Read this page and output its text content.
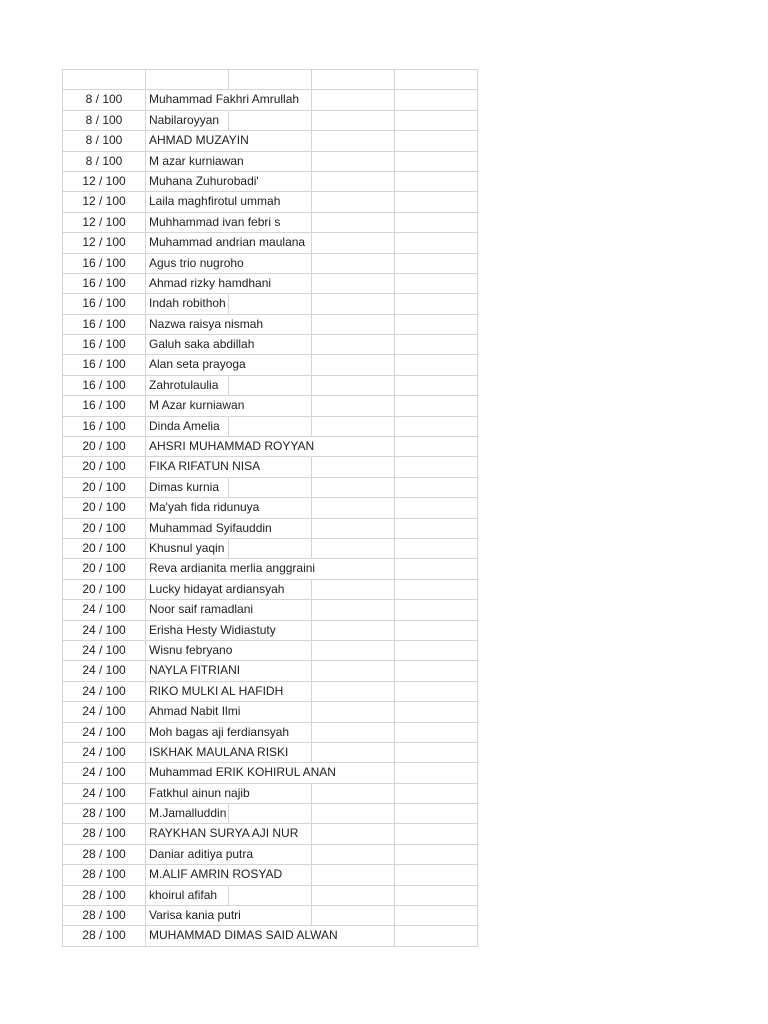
8 / 100	Muhammad Fakhri Amrullah
8 / 100	Nabilaroyyan
8 / 100	AHMAD MUZAYIN
8 / 100	M azar kurniawan
12 / 100	Muhana Zuhurobadi'
12 / 100	Laila maghfirotul ummah
12 / 100	Muhhammad ivan febri s
12 / 100	Muhammad andrian maulana
16 / 100	Agus trio nugroho
16 / 100	Ahmad rizky hamdhani
16 / 100	Indah robithoh
16 / 100	Nazwa raisya nismah
16 / 100	Galuh saka abdillah
16 / 100	Alan seta prayoga
16 / 100	Zahrotulaulia
16 / 100	M Azar kurniawan
16 / 100	Dinda Amelia
20 / 100	AHSRI MUHAMMAD ROYYAN
20 / 100	FIKA RIFATUN NISA
20 / 100	Dimas kurnia
20 / 100	Ma'yah fida ridunuya
20 / 100	Muhammad Syifauddin
20 / 100	Khusnul yaqin
20 / 100	Reva ardianita merlia anggraini
20 / 100	Lucky hidayat ardiansyah
24 / 100	Noor saif ramadlani
24 / 100	Erisha Hesty Widiastuty
24 / 100	Wisnu febryano
24 / 100	NAYLA FITRIANI
24 / 100	RIKO MULKI AL HAFIDH
24 / 100	Ahmad Nabit Ilmi
24 / 100	Moh bagas aji ferdiansyah
24 / 100	ISKHAK MAULANA RISKI
24 / 100	Muhammad ERIK KOHIRUL ANAN
24 / 100	Fatkhul ainun najib
28 / 100	M.Jamalluddin
28 / 100	RAYKHAN SURYA AJI NUR
28 / 100	Daniar aditiya putra
28 / 100	M.ALIF AMRIN ROSYAD
28 / 100	khoirul afifah
28 / 100	Varisa kania putri
28 / 100	MUHAMMAD DIMAS SAID ALWAN
